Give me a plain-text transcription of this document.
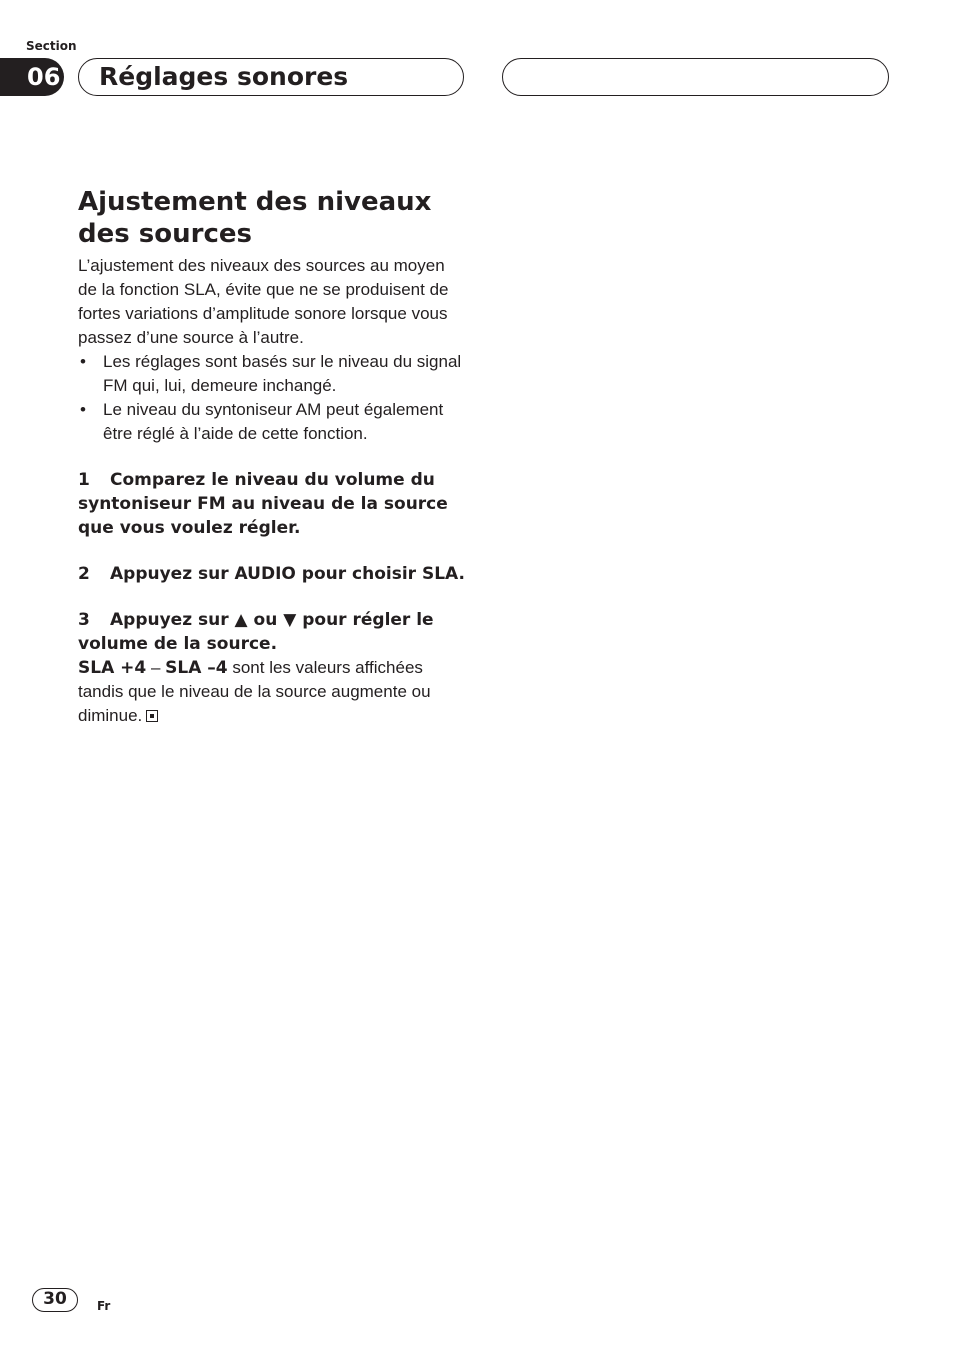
Section
06 Réglages sonores
Ajustement des niveaux
des sources

L’ajustement des niveaux des sources au moyen de la fonction SLA, évite que ne se produisent de fortes variations d’amplitude sonore lorsque vous passez d’une source à l’autre.

• Les réglages sont basés sur le niveau du signal FM qui, lui, demeure inchangé.
• Le niveau du syntoniseur AM peut également être réglé à l’aide de cette fonction.

1 Comparez le niveau du volume du syntoniseur FM au niveau de la source que vous voulez régler.

2 Appuyez sur AUDIO pour choisir SLA.

3 Appuyez sur ▲ ou ▼ pour régler le volume de la source.

SLA +4 – SLA –4 sont les valeurs affichées tandis que le niveau de la source augmente ou diminue.

30	Fr
